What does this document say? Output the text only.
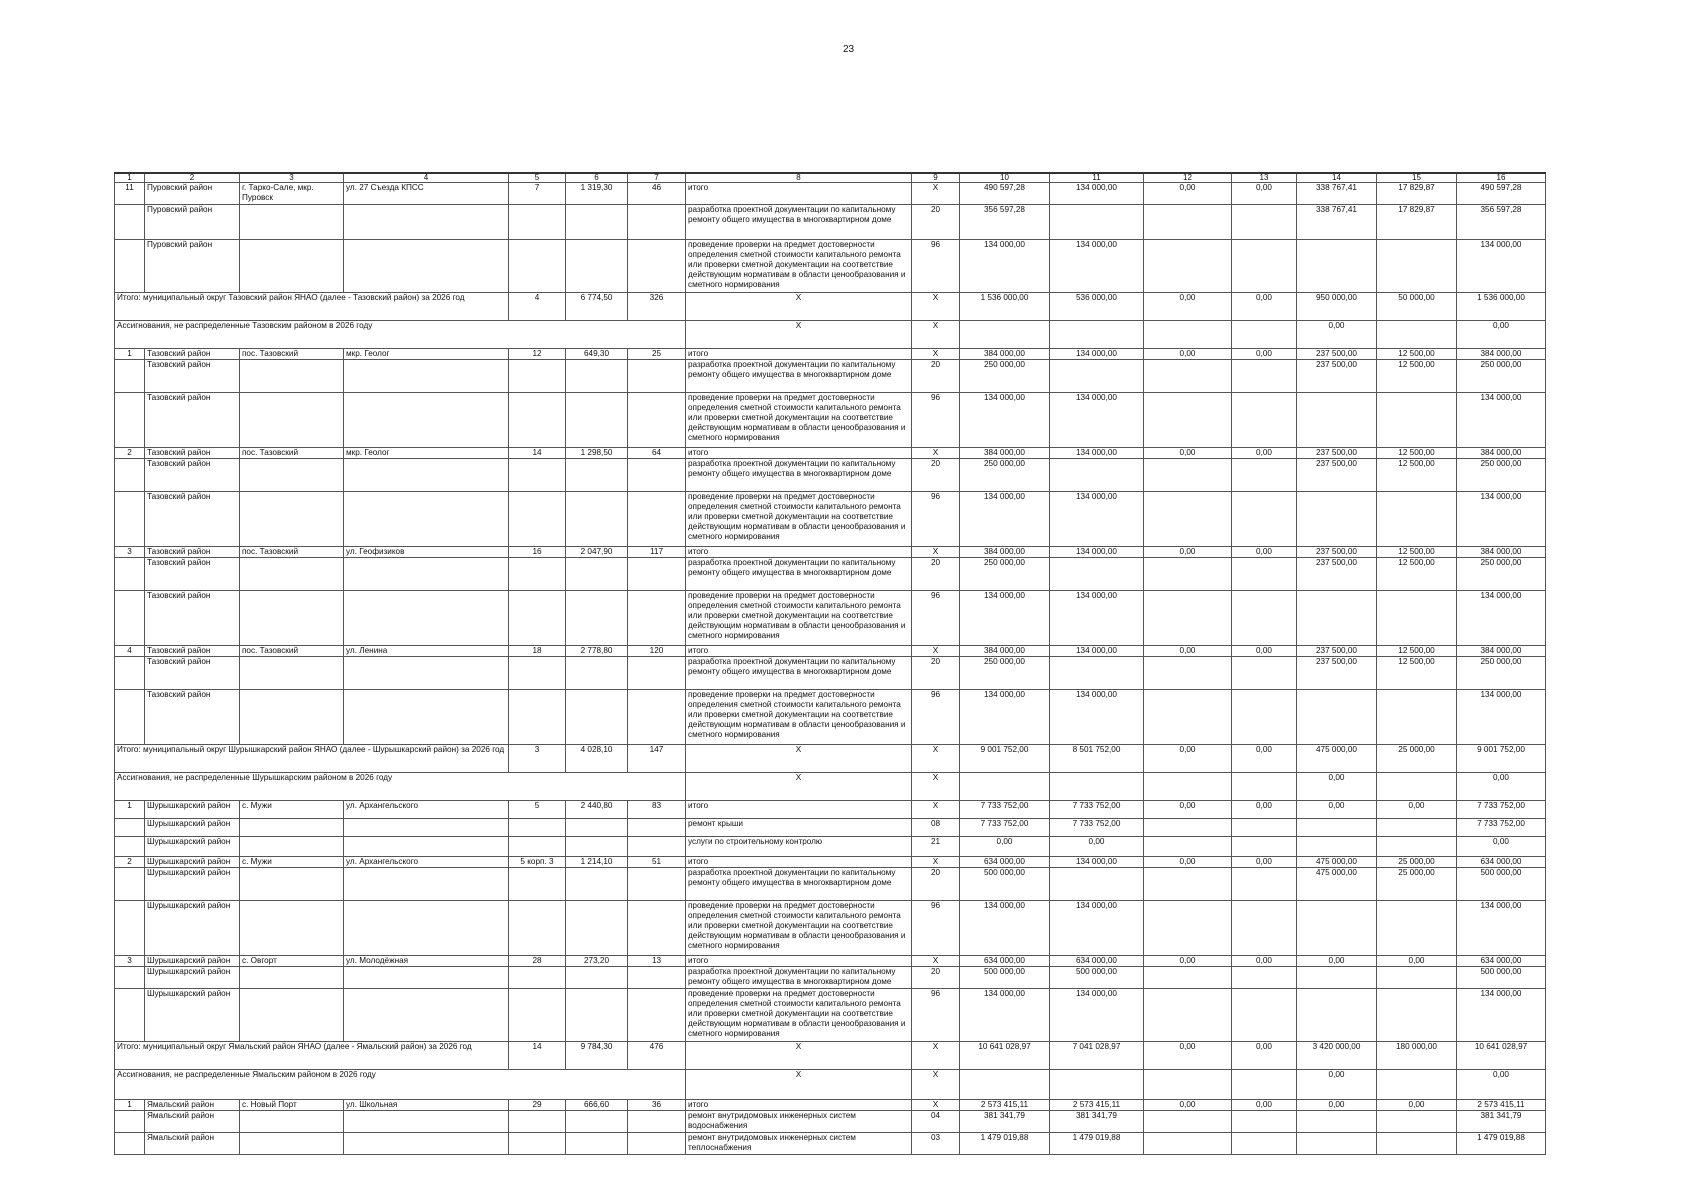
23
1	2	3	4	5	6	7	8	9	10	11	12	13	14	15	16
11	Пуровский район	г. Тарко-Сале, мкр. Пуровск	ул. 27 Съезда КПСС	7	1 319,30	46	итого	X	490 597,28	134 000,00	0,00	0,00	338 767,41	17 829,87	490 597,28
	Пуровский район						разработка проектной документации по капитальному ремонту общего имущества в многоквартирном доме	20	356 597,28				338 767,41	17 829,87	356 597,28
	Пуровский район						проведение проверки на предмет достоверности определения сметной стоимости капитального ремонта или проверки сметной документации на соответствие действующим нормативам в области ценообразования и сметного нормирования	96	134 000,00	134 000,00					134 000,00
Итого: муниципальный округ Тазовский район ЯНАО (далее - Тазовский район) за 2026 год				4	6 774,50	326	X	X	1 536 000,00	536 000,00	0,00	0,00	950 000,00	50 000,00	1 536 000,00
Ассигнования, не распределенные Тазовским районом в 2026 году							X	X					0,00		0,00
1	Тазовский район	пос. Тазовский	мкр. Геолог	12	649,30	25	итого	X	384 000,00	134 000,00	0,00	0,00	237 500,00	12 500,00	384 000,00
	Тазовский район						разработка проектной документации по капитальному ремонту общего имущества в многоквартирном доме	20	250 000,00				237 500,00	12 500,00	250 000,00
	Тазовский район						проведение проверки на предмет достоверности определения сметной стоимости капитального ремонта или проверки сметной документации на соответствие действующим нормативам в области ценообразования и сметного нормирования	96	134 000,00	134 000,00					134 000,00
2	Тазовский район	пос. Тазовский	мкр. Геолог	14	1 298,50	64	итого	X	384 000,00	134 000,00	0,00	0,00	237 500,00	12 500,00	384 000,00
	Тазовский район						разработка проектной документации по капитальному ремонту общего имущества в многоквартирном доме	20	250 000,00				237 500,00	12 500,00	250 000,00
	Тазовский район						проведение проверки на предмет достоверности определения сметной стоимости капитального ремонта или проверки сметной документации на соответствие действующим нормативам в области ценообразования и сметного нормирования	96	134 000,00	134 000,00					134 000,00
3	Тазовский район	пос. Тазовский	ул. Геофизиков	16	2 047,90	117	итого	X	384 000,00	134 000,00	0,00	0,00	237 500,00	12 500,00	384 000,00
	Тазовский район						разработка проектной документации по капитальному ремонту общего имущества в многоквартирном доме	20	250 000,00				237 500,00	12 500,00	250 000,00
	Тазовский район						проведение проверки на предмет достоверности определения сметной стоимости капитального ремонта или проверки сметной документации на соответствие действующим нормативам в области ценообразования и сметного нормирования	96	134 000,00	134 000,00					134 000,00
4	Тазовский район	пос. Тазовский	ул. Ленина	18	2 778,80	120	итого	X	384 000,00	134 000,00	0,00	0,00	237 500,00	12 500,00	384 000,00
	Тазовский район						разработка проектной документации по капитальному ремонту общего имущества в многоквартирном доме	20	250 000,00				237 500,00	12 500,00	250 000,00
	Тазовский район						проведение проверки на предмет достоверности определения сметной стоимости капитального ремонта или проверки сметной документации на соответствие действующим нормативам в области ценообразования и сметного нормирования	96	134 000,00	134 000,00					134 000,00
Итого: муниципальный округ Шурышкарский район ЯНАО (далее - Шурышкарский район) за 2026 год				3	4 028,10	147	X	X	9 001 752,00	8 501 752,00	0,00	0,00	475 000,00	25 000,00	9 001 752,00
Ассигнования, не распределенные Шурышкарским районом в 2026 году							X	X					0,00		0,00
1	Шурышкарский район	с. Мужи	ул. Архангельского	5	2 440,80	83	итого	X	7 733 752,00	7 733 752,00	0,00	0,00	0,00	0,00	7 733 752,00
	Шурышкарский район						ремонт крыши	08	7 733 752,00	7 733 752,00					7 733 752,00
	Шурышкарский район						услуги по строительному контролю	21	0,00	0,00					0,00
2	Шурышкарский район	с. Мужи	ул. Архангельского	5 корп. 3	1 214,10	51	итого	X	634 000,00	134 000,00	0,00	0,00	475 000,00	25 000,00	634 000,00
	Шурышкарский район						разработка проектной документации по капитальному ремонту общего имущества в многоквартирном доме	20	500 000,00				475 000,00	25 000,00	500 000,00
	Шурышкарский район						проведение проверки на предмет достоверности определения сметной стоимости капитального ремонта или проверки сметной документации на соответствие действующим нормативам в области ценообразования и сметного нормирования	96	134 000,00	134 000,00					134 000,00
3	Шурышкарский район	с. Овгорт	ул. Молодёжная	28	273,20	13	итого	X	634 000,00	634 000,00	0,00	0,00	0,00	0,00	634 000,00
	Шурышкарский район						разработка проектной документации по капитальному ремонту общего имущества в многоквартирном доме	20	500 000,00	500 000,00					500 000,00
	Шурышкарский район						проведение проверки на предмет достоверности определения сметной стоимости капитального ремонта или проверки сметной документации на соответствие действующим нормативам в области ценообразования и сметного нормирования	96	134 000,00	134 000,00					134 000,00
Итого: муниципальный округ Ямальский район ЯНАО (далее - Ямальский район) за 2026 год				14	9 784,30	476	X	X	10 641 028,97	7 041 028,97	0,00	0,00	3 420 000,00	180 000,00	10 641 028,97
Ассигнования, не распределенные Ямальским районом в 2026 году							X	X					0,00		0,00
1	Ямальский район	с. Новый Порт	ул. Школьная	29	666,60	36	итого	X	2 573 415,11	2 573 415,11	0,00	0,00	0,00	0,00	2 573 415,11
	Ямальский район						ремонт внутридомовых инженерных систем водоснабжения	04	381 341,79	381 341,79					381 341,79
	Ямальский район						ремонт внутридомовых инженерных систем теплоснабжения	03	1 479 019,88	1 479 019,88					1 479 019,88
